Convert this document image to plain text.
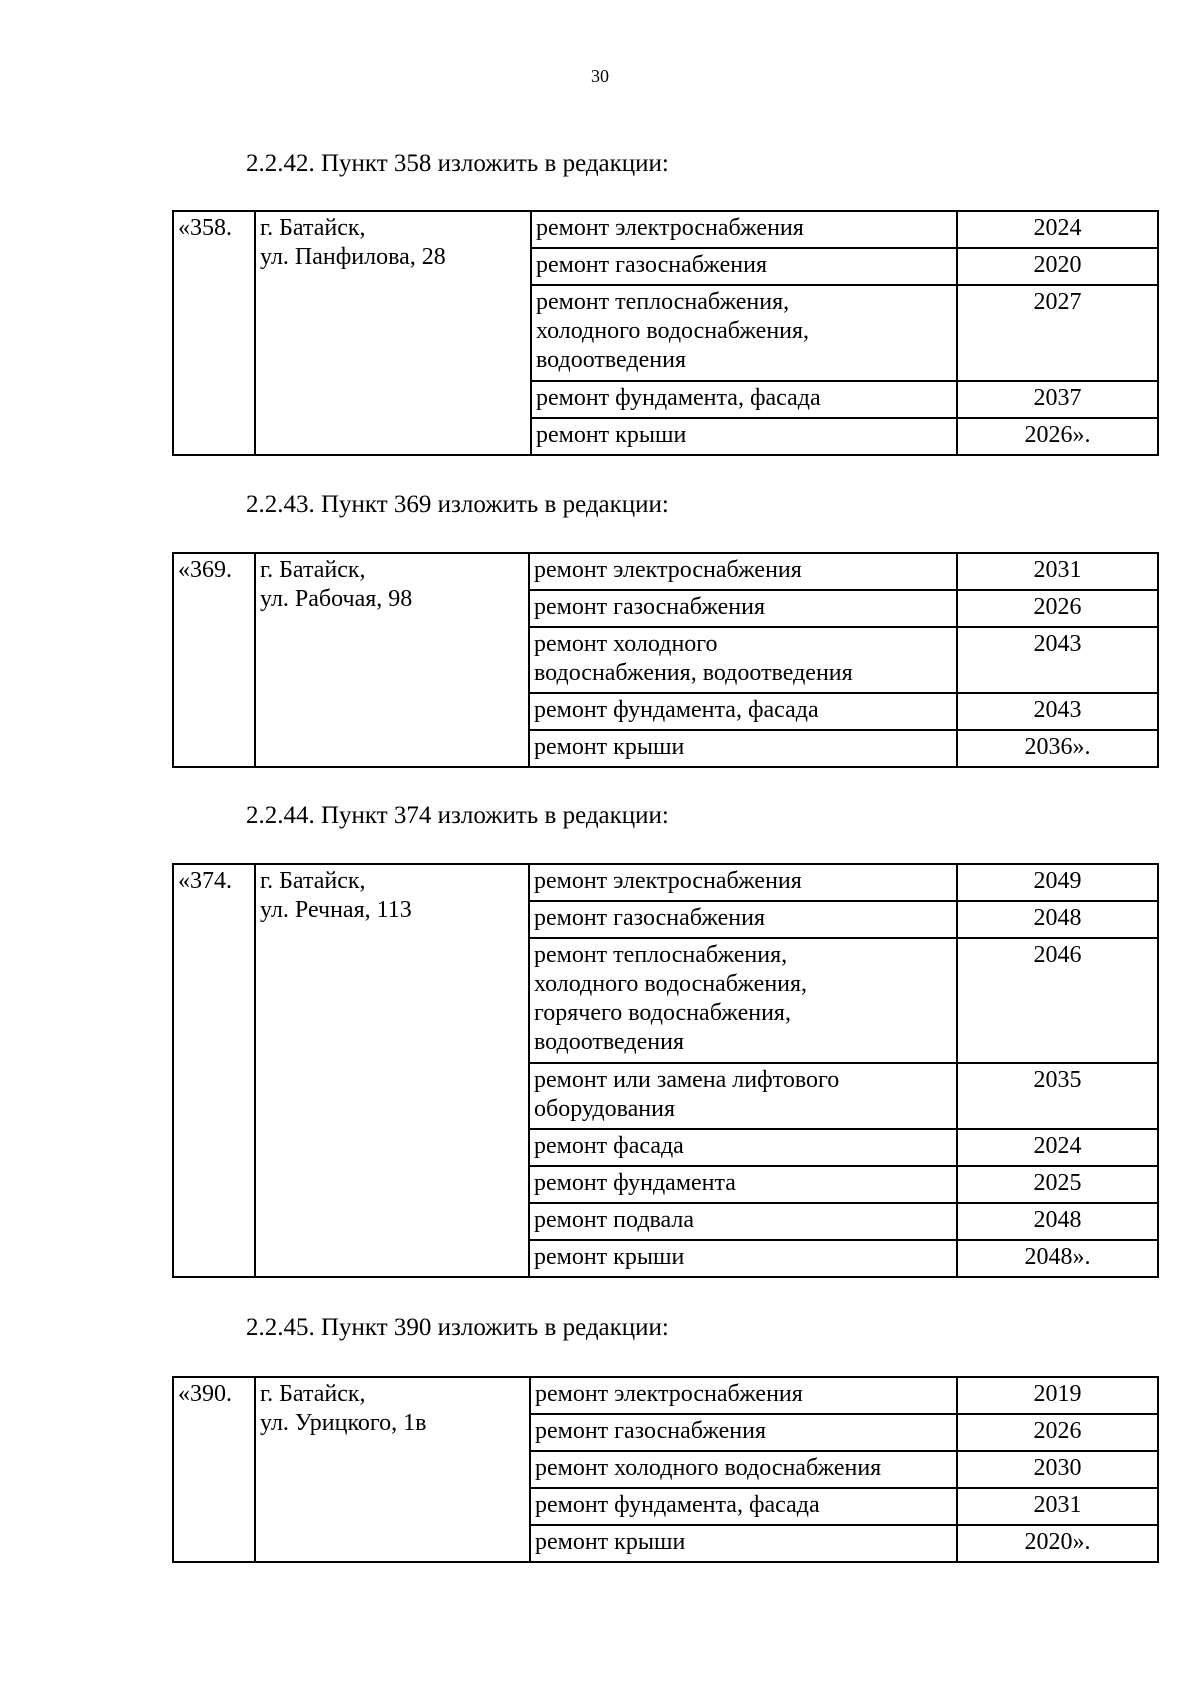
30
2.2.42. Пункт 358 изложить в редакции:
«358.	г. Батайск,
ул. Панфилова, 28	ремонт электроснабжения	2024
		ремонт газоснабжения	2020
		ремонт теплоснабжения,
холодного водоснабжения,
водоотведения	2027
		ремонт фундамента, фасада	2037
		ремонт крыши	2026».
2.2.43. Пункт 369 изложить в редакции:
«369.	г. Батайск,
ул. Рабочая, 98	ремонт электроснабжения	2031
		ремонт газоснабжения	2026
		ремонт холодного
водоснабжения, водоотведения	2043
		ремонт фундамента, фасада	2043
		ремонт крыши	2036».
2.2.44. Пункт 374 изложить в редакции:
«374.	г. Батайск,
ул. Речная, 113	ремонт электроснабжения	2049
		ремонт газоснабжения	2048
		ремонт теплоснабжения,
холодного водоснабжения,
горячего водоснабжения,
водоотведения	2046
		ремонт или замена лифтового
оборудования	2035
		ремонт фасада	2024
		ремонт фундамента	2025
		ремонт подвала	2048
		ремонт крыши	2048».
2.2.45. Пункт 390 изложить в редакции:
«390.	г. Батайск,
ул. Урицкого, 1в	ремонт электроснабжения	2019
		ремонт газоснабжения	2026
		ремонт холодного водоснабжения	2030
		ремонт фундамента, фасада	2031
		ремонт крыши	2020».
